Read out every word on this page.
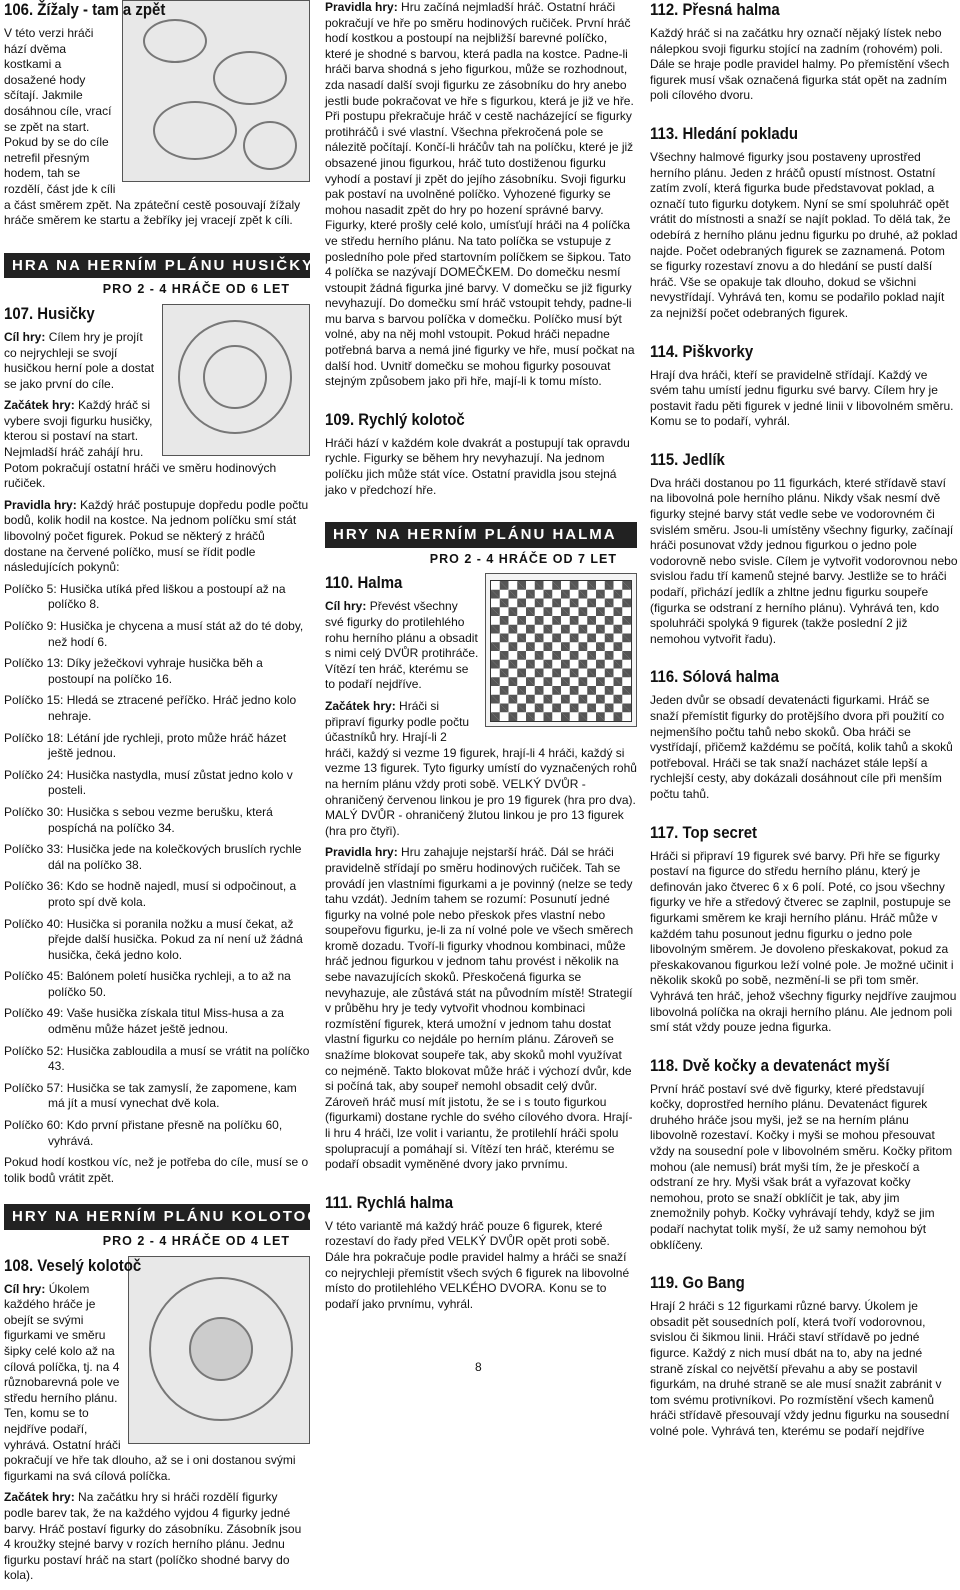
106. Žížaly - tam a zpět

V této verzi hráči hází dvěma kostkami a dosažené hody sčítají. Jakmile dosáhnou cíle, vrací se zpět na start. Pokud by se do cíle netrefil přesným hodem, tah se rozdělí, část jde k cíli a část směrem zpět. Na zpáteční cestě posouvají žížaly hráče směrem ke startu a žebříky jej vracejí zpět k cíli.

HRA NA HERNÍM PLÁNU HUSIČKY
PRO 2 - 4 HRÁČE OD 6 LET
107. Husičky

Cíl hry: Cílem hry je projít co nejrychleji se svojí husičkou herní pole a dostat se jako první do cíle.

Začátek hry: Každý hráč si vybere svoji figurku husičky, kterou si postaví na start. Nejmladší hráč zahájí hru. Potom pokračují ostatní hráči ve směru hodinových ručiček.

Pravidla hry: Každý hráč postupuje dopředu podle počtu bodů, kolik hodil na kostce. Na jednom políčku smí stát libovolný počet figurek. Pokud se některý z hráčů dostane na červené políčko, musí se řídit podle následujících pokynů:

Políčko 5: Husička utíká před liškou a postoupí až na políčko 8.

Políčko 9: Husička je chycena a musí stát až do té doby, než hodí 6.

Políčko 13: Díky ježečkovi vyhraje husička běh a postoupí na políčko 16.

Políčko 15: Hledá se ztracené peříčko. Hráč jedno kolo nehraje.

Políčko 18: Létání jde rychleji, proto může hráč házet ještě jednou.

Políčko 24: Husička nastydla, musí zůstat jedno kolo v posteli.

Políčko 30: Husička s sebou vezme berušku, která pospíchá na políčko 34.

Políčko 33: Husička jede na kolečkových bruslích rychle dál na políčko 38.

Políčko 36: Kdo se hodně najedl, musí si odpočinout, a proto spí dvě kola.

Políčko 40: Husička si poranila nožku a musí čekat, až přejde další husička. Pokud za ní není už žádná husička, čeká jedno kolo.

Políčko 45: Balónem poletí husička rychleji, a to až na políčko 50.

Políčko 49: Vaše husička získala titul Miss-husa a za odměnu může házet ještě jednou.

Políčko 52: Husička zabloudila a musí se vrátit na políčko 43.

Políčko 57: Husička se tak zamyslí, že zapomene, kam má jít a musí vynechat dvě kola.

Políčko 60: Kdo první přistane přesně na políčku 60, vyhrává.

Pokud hodí kostkou víc, než je potřeba do cíle, musí se o tolik bodů vrátit zpět.

HRY NA HERNÍM PLÁNU KOLOTOČ
PRO 2 - 4 HRÁČE OD 4 LET
108. Veselý kolotoč

Cíl hry: Úkolem každého hráče je obejít se svými figurkami ve směru šipky celé kolo až na cílová políčka, tj. na 4 různobarevná pole ve středu herního plánu. Ten, komu se to nejdříve podaří, vyhrává. Ostatní hráči pokračují ve hře tak dlouho, až se i oni dostanou svými figurkami na svá cílová políčka.

Začátek hry: Na začátku hry si hráči rozdělí figurky podle barev tak, že na každého vyjdou 4 figurky jedné barvy. Hráč postaví figurky do zásobníku. Zásobník jsou 4 kroužky stejné barvy v rozích herního plánu. Jednu figurku postaví hráč na start (políčko shodné barvy do kola).

Pravidla hry: Hru začíná nejmladší hráč. Ostatní hráči pokračují ve hře po směru hodinových ručiček. První hráč hodí kostkou a postoupí na nejbližší barevné políčko, které je shodné s barvou, která padla na kostce. Padne-li hráči barva shodná s jeho figurkou, může se rozhodnout, zda nasadí další svoji figurku ze zásobníku do hry anebo jestli bude pokračovat ve hře s figurkou, která je již ve hře. Při postupu překračuje hráč v cestě nacházející se figurky protihráčů i své vlastní. Všechna překročená pole se nálezitě počítají. Končí-li hráčův tah na políčku, které je již obsazené jinou figurkou, hráč tuto dostiženou figurku vyhodí a postaví ji zpět do jejího zásobníku. Svoji figurku pak postaví na uvolněné políčko. Vyhozené figurky se mohou nasadit zpět do hry po hození správné barvy. Figurky, které prošly celé kolo, umísťují hráči na 4 políčka ve středu herního plánu. Na tato políčka se vstupuje z posledního pole před startovním políčkem se šipkou. Tato 4 políčka se nazývají DOMEČKEM. Do domečku nesmí vstoupit žádná figurka jiné barvy. V domečku se již figurky nevyhazují. Do domečku smí hráč vstoupit tehdy, padne-li mu barva s barvou políčka v domečku. Políčko musí být volné, aby na něj mohl vstoupit. Pokud hráči nepadne potřebná barva a nemá jiné figurky ve hře, musí počkat na další hod. Uvnitř domečku se mohou figurky posouvat stejným způsobem jako při hře, mají-li k tomu místo.

109. Rychlý kolotoč

Hráči hází v každém kole dvakrát a postupují tak opravdu rychle. Figurky se během hry nevyhazují. Na jednom políčku jich může stát více. Ostatní pravidla jsou stejná jako v předchozí hře.

HRY NA HERNÍM PLÁNU HALMA
PRO 2 - 4 HRÁČE OD 7 LET
110. Halma

Cíl hry: Převést všechny své figurky do protilehlého rohu herního plánu a obsadit s nimi celý DVŮR protihráče. Vítězí ten hráč, kterému se to podaří nejdříve.

Začátek hry: Hráči si připraví figurky podle počtu účastníků hry. Hrají-li 2 hráči, každý si vezme 19 figurek, hrají-li 4 hráči, každý si vezme 13 figurek. Tyto figurky umístí do vyznačených rohů na herním plánu vždy proti sobě. VELKÝ DVŮR - ohraničený červenou linkou je pro 19 figurek (hra pro dva). MALÝ DVŮR - ohraničený žlutou linkou je pro 13 figurek (hra pro čtyři).

Pravidla hry: Hru zahajuje nejstarší hráč. Dál se hráči pravidelně střídají po směru hodinových ručiček. Tah se provádí jen vlastními figurkami a je povinný (nelze se tedy tahu vzdát). Jedním tahem se rozumí: Posunutí jedné figurky na volné pole nebo přeskok přes vlastní nebo soupeřovu figurku, je-li za ní volné pole ve všech směrech kromě dozadu. Tvoří-li figurky vhodnou kombinaci, může hráč jednou figurkou v jednom tahu provést i několik na sebe navazujících skoků. Přeskočená figurka se nevyhazuje, ale zůstává stát na původním místě! Strategií v průběhu hry je tedy vytvořit vhodnou kombinaci rozmístění figurek, která umožní v jednom tahu dostat vlastní figurku co nejdále po herním plánu. Zároveň se snažíme blokovat soupeře tak, aby skoků mohl využívat co nejméně. Takto blokovat může hráč i výchozí dvůr, kde si počíná tak, aby soupeř nemohl obsadit celý dvůr. Zároveň hráč musí mít jistotu, že se i s touto figurkou (figurkami) dostane rychle do svého cílového dvora. Hrají-li hru 4 hráči, lze volit i variantu, že protilehlí hráči spolu spolupracují a pomáhají si. Vítězí ten hráč, kterému se podaří obsadit vyměněné dvory jako prvnímu.

111. Rychlá halma

V této variantě má každý hráč pouze 6 figurek, které rozestaví do řady před VELKÝ DVŮR opět proti sobě. Dále hra pokračuje podle pravidel halmy a hráči se snaží co nejrychleji přemístit všech svých 6 figurek na libovolné místo do protilehlého VELKÉHO DVORA. Konu se to podaří jako prvnímu, vyhrál.

112. Přesná halma

Každý hráč si na začátku hry označí nějaký lístek nebo nálepkou svoji figurku stojící na zadním (rohovém) poli. Dále se hraje podle pravidel halmy. Po přemístění všech figurek musí však označená figurka stát opět na zadním poli cílového dvoru.

113. Hledání pokladu

Všechny halmové figurky jsou postaveny uprostřed herního plánu. Jeden z hráčů opustí místnost. Ostatní zatím zvolí, která figurka bude představovat poklad, a označí tuto figurku dotykem. Nyní se smí spoluhráč opět vrátit do místnosti a snaží se najít poklad. To dělá tak, že odebírá z herního plánu jednu figurku po druhé, až poklad najde. Počet odebraných figurek se zaznamená. Potom se figurky rozestaví znovu a do hledání se pustí další hráč. Vše se opakuje tak dlouho, dokud se všichni nevystřídají. Vyhrává ten, komu se podařilo poklad najít za nejnižší počet odebraných figurek.

114. Piškvorky

Hrají dva hráči, kteří se pravidelně střídají. Každý ve svém tahu umístí jednu figurku své barvy. Cílem hry je postavit řadu pěti figurek v jedné linii v libovolném směru. Komu se to podaří, vyhrál.

115. Jedlík

Dva hráči dostanou po 11 figurkách, které střídavě staví na libovolná pole herního plánu. Nikdy však nesmí dvě figurky stejné barvy stát vedle sebe ve vodorovném či svislém směru. Jsou-li umístěny všechny figurky, začínají hráči posunovat vždy jednou figurkou o jedno pole vodorovně nebo svisle. Cílem je vytvořit vodorovnou nebo svislou řadu tří kamenů stejné barvy. Jestliže se to hráči podaří, přichází jedlík a zhltne jednu figurku soupeře (figurka se odstraní z herního plánu). Vyhrává ten, kdo spoluhráči spolyká 9 figurek (takže poslední 2 již nemohou vytvořit řadu).

116. Sólová halma

Jeden dvůr se obsadí devatenácti figurkami. Hráč se snaží přemístit figurky do protějšího dvora při použití co nejmenšího počtu tahů nebo skoků. Oba hráči se vystřídají, přičemž každému se počítá, kolik tahů a skoků potřeboval. Hráči se tak snaží nacházet stále lepší a rychlejší cesty, aby dokázali dosáhnout cíle při menším počtu tahů.

117. Top secret

Hráči si připraví 19 figurek své barvy. Při hře se figurky postaví na figurce do středu herního plánu, který je definován jako čtverec 6 x 6 polí. Poté, co jsou všechny figurky ve hře a středový čtverec se zaplnil, postupuje se figurkami směrem ke kraji herního plánu. Hráč může v každém tahu posunout jednu figurku o jedno pole libovolným směrem. Je dovoleno přeskakovat, pokud za přeskakovanou figurkou leží volné pole. Je možné učinit i několik skoků po sobě, nezmění-li se při tom směr. Vyhrává ten hráč, jehož všechny figurky nejdříve zaujmou libovolná políčka na okraji herního plánu. Ale jednom poli smí stát vždy pouze jedna figurka.

118. Dvě kočky a devatenáct myší

První hráč postaví své dvě figurky, které představují kočky, doprostřed herního plánu. Devatenáct figurek druhého hráče jsou myši, jež se na herním plánu libovolně rozestaví. Kočky i myši se mohou přesouvat vždy na sousední pole v libovolném směru. Kočky přitom mohou (ale nemusí) brát myši tím, že je přeskočí a odstraní ze hry. Myši však brát a vyřazovat kočky nemohou, proto se snaží obklíčit je tak, aby jim znemožnily pohyb. Kočky vyhrávají tehdy, když se jim podaří nachytat tolik myší, že už samy nemohou být obklíčeny.

119. Go Bang

Hrají 2 hráči s 12 figurkami různé barvy. Úkolem je obsadit pět sousedních polí, která tvoří vodorovnou, svislou či šikmou linii. Hráči staví střídavě po jedné figurce. Každý z nich musí dbát na to, aby na jedné straně získal co největší převahu a aby se postavil figurkám, na druhé straně se ale musí snažit zabránit v tom svému protivníkovi. Po rozmístění všech kamenů hráči střídavě přesouvají vždy jednu figurku na sousední volné pole. Vyhrává ten, kterému se podaří nejdříve

8
